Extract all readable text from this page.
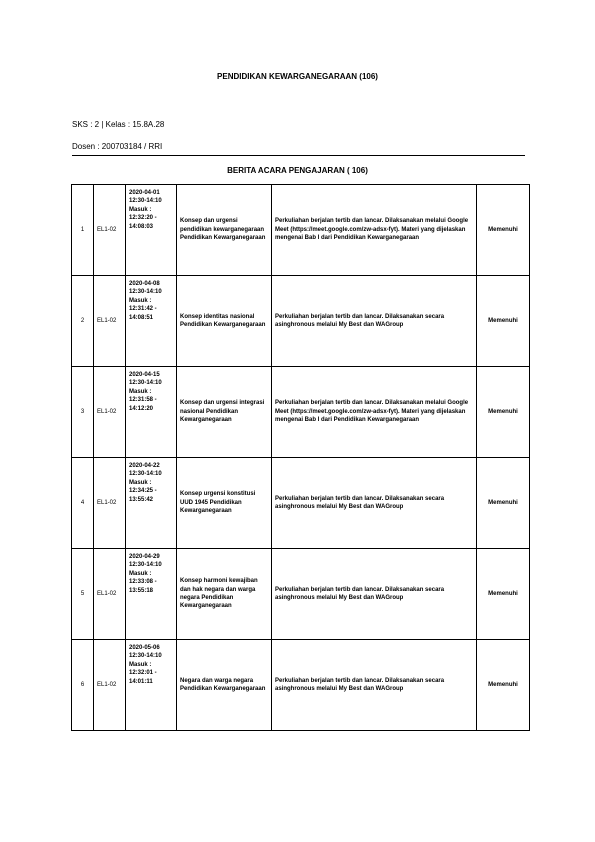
PENDIDIKAN KEWARGANEGARAAN (106)
SKS : 2 | Kelas : 15.8A.28
Dosen : 200703184 / RRI
BERITA ACARA PENGAJARAN ( 106)
1	EL1-02	2020-04-01 12:30-14:10 Masuk : 12:32:20 - 14:08:03	Konsep dan urgensi pendidikan kewarganegaraan Pendidikan Kewarganegaraan	Perkuliahan berjalan tertib dan lancar. Dilaksanakan melalui Google Meet (https://meet.google.com/zw-adsx-fyt). Materi yang dijelaskan mengenai Bab I dari Pendidikan Kewarganegaraan	Memenuhi
2	EL1-02	2020-04-08 12:30-14:10 Masuk : 12:31:42 - 14:08:51	Konsep identitas nasional Pendidikan Kewarganegaraan	Perkuliahan berjalan tertib dan lancar. Dilaksanakan secara asinghronous melalui My Best dan WAGroup	Memenuhi
3	EL1-02	2020-04-15 12:30-14:10 Masuk : 12:31:58 - 14:12:20	Konsep dan urgensi integrasi nasional Pendidikan Kewarganegaraan	Perkuliahan berjalan tertib dan lancar. Dilaksanakan melalui Google Meet (https://meet.google.com/zw-adsx-fyt). Materi yang dijelaskan mengenai Bab I dari Pendidikan Kewarganegaraan	Memenuhi
4	EL1-02	2020-04-22 12:30-14:10 Masuk : 12:34:25 - 13:55:42	Konsep urgensi konstitusi UUD 1945 Pendidikan Kewarganegaraan	Perkuliahan berjalan tertib dan lancar. Dilaksanakan secara asinghronous melalui My Best dan WAGroup	Memenuhi
5	EL1-02	2020-04-29 12:30-14:10 Masuk : 12:33:08 - 13:55:18	Konsep harmoni kewajiban dan hak negara dan warga negara Pendidikan Kewarganegaraan	Perkuliahan berjalan tertib dan lancar. Dilaksanakan secara asinghronous melalui My Best dan WAGroup	Memenuhi
6	EL1-02	2020-05-06 12:30-14:10 Masuk : 12:32:01 - 14:01:11	Negara dan warga negara Pendidikan Kewarganegaraan	Perkuliahan berjalan tertib dan lancar. Dilaksanakan secara asinghronous melalui My Best dan WAGroup	Memenuhi
